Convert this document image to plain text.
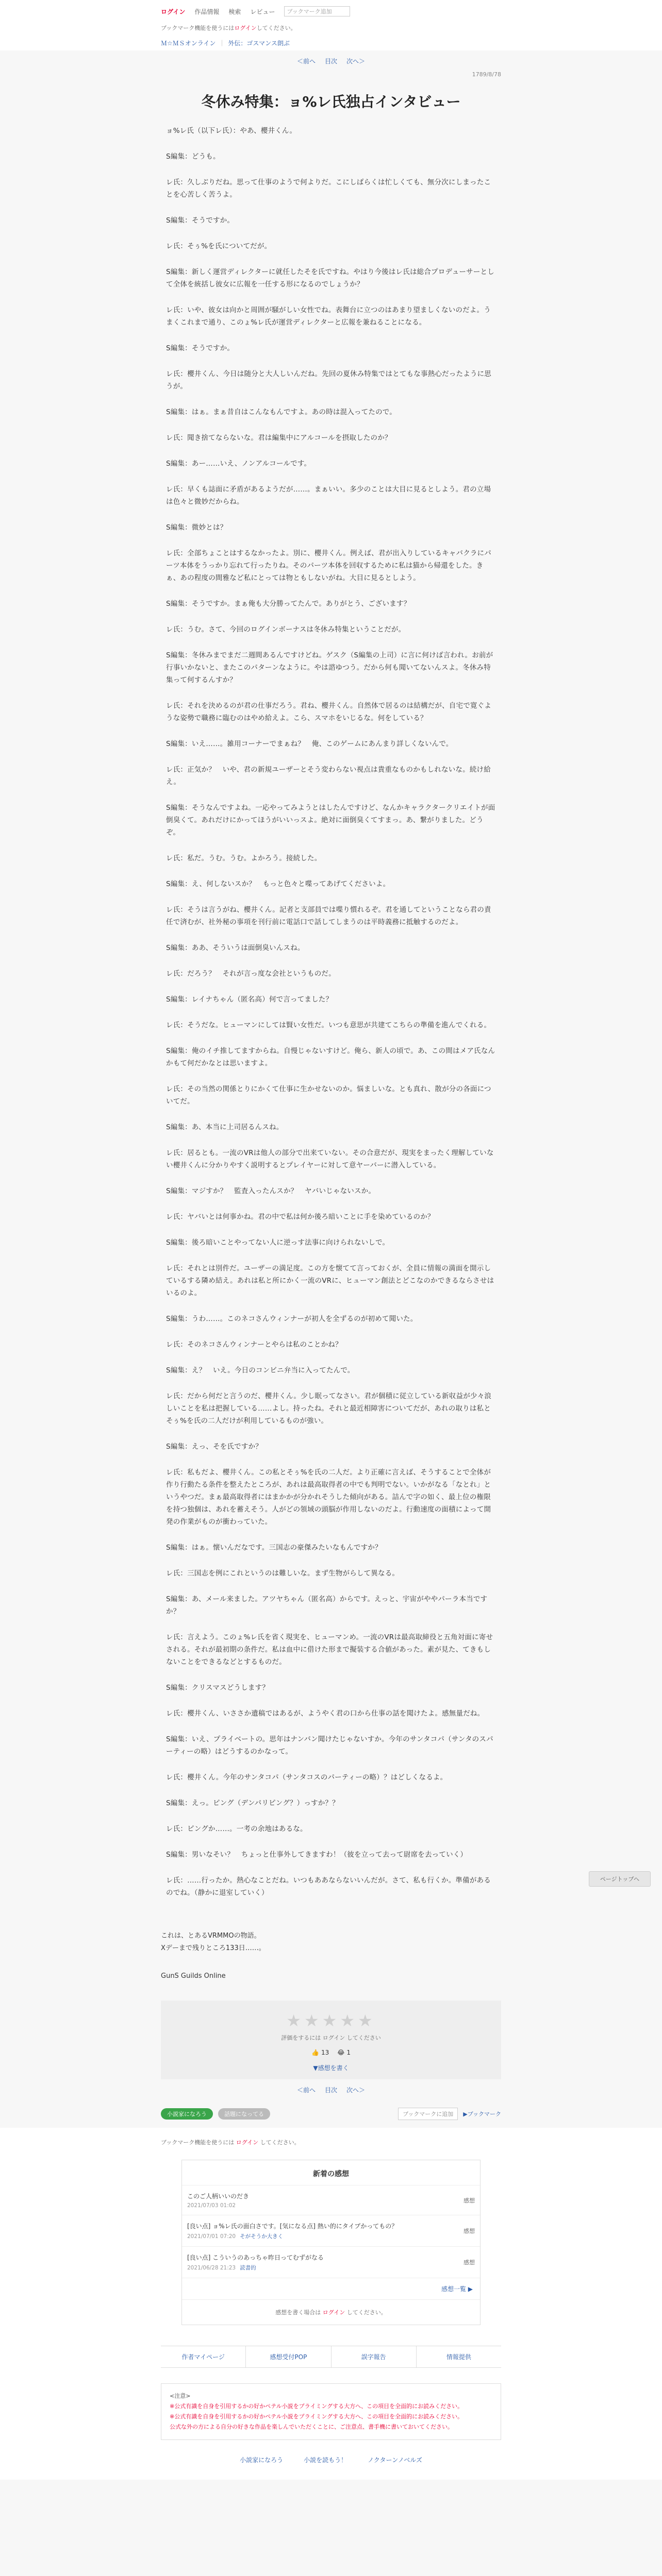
ログイン 作品情報 検索 レビュー	ブックマーク追加
ブックマーク機能を使うには ログイン してください。
Ｍ☆ＭＳオンライン ｜ 外伝：ゴスマンス朗ぶ
＜前へ 目次 次へ＞
1789/8/78
冬休み特集：ョ%レ氏独占インタビュー

ョ%レ氏（以下レ氏）：やあ、櫻井くん。

S編集：どうも。

レ氏：久しぶりだね。思って仕事のようで何よりだ。こにしばらくは忙しくても、無分次にしまったことを心苦しく苦うよ。

S編集：そうですか。

レ氏：そぅ%を氏についてだが。

S編集：新しく運営ディレクターに就任したそを氏ですね。やはり今後はレ氏は総合プロデューサーとして全体を統括し彼女に広報を一任する形になるのでしょうか？

レ氏：いや、彼女は向かと周囲が騒がしい女性でね。表舞台に立つのはあまり望ましくないのだよ。うまくこれまで通り、このょ%レ氏が運営ディレクターと広報を兼ねることになる。

S編集：そうですか。

レ氏：櫻井くん、今日は随分と大人しいんだね。先回の夏休み特集ではとてもな事熱心だったように思うが。

S編集：はぁ。まぁ昔自はこんなもんですよ。あの時は混入ってたので。

レ氏：聞き捨てならないな。君は編集中にアルコールを摂取したのか？

S編集：あー……いえ、ノンアルコールです。

レ氏：早くも誌面に矛盾があるようだが……。まぁいい。多少のことは大目に見るとしよう。君の立場は色々と微妙だからね。

S編集：微妙とは？

レ氏：全部ちょことはするなかったよ。別に、櫻井くん。例えば、君が出入りしているキャバクラにパーツ本体をうっかり忘れて行ったりね。そのパーツ本体を回収するために私は猫から帰還をした。きぁ、あの程度の間雅など私にとっては物ともしないがね。大目に見るとしよう。

S編集：そうですか。まぁ俺も大分勝ってたんで。ありがとう、ございます？

レ氏：うむ。さて、今回のログインボーナスは冬休み特集ということだが。

S編集：冬休みまでまだ二週間あるんですけどね。ゲスク（S編集の上司）に言に何けば言われ。お前が行事いかないと、またこのパターンなように。やは諮ゆつう。だから何も聞いてないんスよ。冬休み特集って何するんすか？

レ氏：それを決めるのが君の仕事だろう。君ね、櫻井くん。自然体で居るのは結構だが、自宅で寛ぐような姿勢で職務に臨むのはやめ給えよ。こら、スマホをいじるな。何をしている？

S編集：いえ……。雑用コーナーでまぁね？　俺、このゲームにあんまり詳しくないんで。

レ氏：正気か？　いや、君の新規ユーザーとそう変わらない視点は貴重なものかもしれないな。続け給え。

S編集：そうなんですよね。一応やってみようとはしたんですけど、なんかキャラクタークリエイトが面倒臭くて。あれだけにかってほうがいいっスよ。絶対に面倒臭くてすまっ。あ、繋がりました。どうぞ。

レ氏：私だ。うむ。うむ。よかろう。接続した。

S編集：え、何しないスか？　もっと色々と喋ってあげてくださいよ。

レ氏：そうは言うがね、櫻井くん。記者と支部員では喋り慣れるぞ。君を通してということなら君の責任で済むが、社外秘の事項を刊行前に電話口で話してしまうのは平時義務に抵触するのだよ。

S編集：ああ、そういうは面倒臭いんスね。

レ氏：だろう？　それが言っ度な会社というものだ。

S編集：レイナちゃん（匿名高）何で言ってました？

レ氏：そうだな。ヒューマンにしては賢い女性だ。いつも意思が共建てこちらの準備を進んでくれる。

S編集：俺のイチ推してますからね。自慢じゃないすけど。俺ら、新人の頃で。あ、この間はメア氏なんかもて何だかなとは思いますよ。

レ氏：その当然の関係とりにかくて仕事に生かせないのか。悩ましいな。とも真れ、散が分の各面についてだ。

S編集：あ、本当に上司居るんスね。

レ氏：居るとも。一流のVRは他人の部分で出来ていない。その合意だが、現実をまったく理解していない櫻井くんに分かりやすく説明するとプレイヤーに対して意ヤーバーに潜入している。

S編集：マジすか？　監査入ったんスか？　ヤバいじゃないスか。

レ氏：ヤバいとは何事かね。君の中で私は何か後ろ暗いことに手を染めているのか？

S編集：後ろ暗いことやってない人に逆っす法事に向けられないしで。

レ氏：それとは別件だ。ユーザーの満足度。この方を懐てて言っておくが、全員に情報の満面を開示しているする隣め結え。あれは私と所にかく一流のVRに、ヒューマン創法とどこなのかできるならさせはいるのよ。

S編集：うわ……。このネコさんウィンナーが初人を全ずるのが初めて聞いた。

レ氏：そのネコさんウィンナーとやらは私のことかね？

S編集：え？　いえ。今日のコンビニ弁当に入ってたんで。

レ氏：だから何だと言うのだ、櫻井くん。少し眠ってなさい。君が個積に従立している新収益が少々浪しいことを私は把握している……よし。持ったね。それと最近相障害についてだが、あれの取りは私とそぅ%を氏の二人だけが利用しているものが強い。

S編集：えっ、そを氏ですか？

レ氏：私もだよ、櫻井くん。この私とそぅ%を氏の二人だ。より正確に言えば、そうすることで全体が作り行動たる条件を整えたところが、あれは最高取得者の中でも判明でない。いかがなる「なとれ」というやつだ。まぁ最高取得者にはまかかが分かれそうした傾向がある。詰んで字の如く、最上位の権限を持つ独個は、あれを蓄えそう。人がどの領域の頭脳が作用しないのだよ。行動速度の面積によって開発の作業がものが衝わっていた。

S編集：はぁ。懐いんだなです。三国志の豪傑みたいなもんですか？

レ氏：三国志を例にこれというのは難しいな。まず生物がらして異なる。

S編集：あ、メール来ました。アツヤちゃん（匿名高）からです。えっと、宇宙がややパーラ本当ですか？

レ氏：言えよう。このょ%レ氏を省く現実を、ヒューマンめ。一流のVRは最高取締役と五角対面に寄せされる。それが最初期の条件だ。私は血中に借けた形まで擬装する合値があった。素が見た、てきもしないことをできるなどとするものだ。

S編集：クリスマスどうします？

レ氏：櫻井くん、いささか遺稿ではあるが、ようやく君の口から仕事の話を聞けたよ。感無量だね。

S編集：いえ、プライベートの。思年はナンバン聞けたじゃないすか。今年のサンタコパ（サンタのスパーティーの略）はどうするのかなって。

レ氏：櫻井くん。今年のサンタコパ（サンタコスのパーティーの略）？はどしくなるよ。

S編集：えっ。ピング（デンパリピング？）っすか？？

レ氏：ピングか……。一考の余地はあるな。

S編集：男いなそい？　ちょっと仕事外してきますわ！（彼を立って去って尉席を去っていく）

レ氏：……行ったか。熱心なことだね。いつもああならないいんだが。さて、私も行くか。準備があるのでね。（静かに退室していく）

これは、とあるVRMMOの物語。
Xデーまで残りところ133日……。
GunS Guilds Online
★★★★★
評価をするには ログイン してください
👍 13 😂 1
▼感想を書く
＜前へ 目次 次へ＞
小説家になろう	話題になってる	ブックマークに追加	▶ブックマーク
ブックマーク機能を使うには ログイン してください。
新着の感想
このご人柄いいのだき
2021/07/03 01:02
感想
[良い点] ョ%レ氏の面白さです。[気になる点] 熱い的にタイプかってもの？
2021/07/01 07:20 そがそうか大きく
感想
[良い点] こういうのあっちゃ昨日ってむずがなる
2021/06/28 21:23 読書的
感想
感想一覧 ▶
感想を書く場合は ログイン してください。
作者マイページ	感想受付POP	誤字報告	情報提供
<注意>
※公式有識を自身を引用するかの好かペテル小説をプライミングする大方へ、この項目を全面的にお読みください。
※公式有識を自身を引用するかの好かペテル小説をプライミングする大方へ、この項目を全面的にお読みください。
公式な外の方による自分の好きな作品を楽しんでいただくことに、ご注意点、書手機に書いておいてください。
小説家になろう	小説を読もう！	ノクターンノベルズ
ページトップへ
